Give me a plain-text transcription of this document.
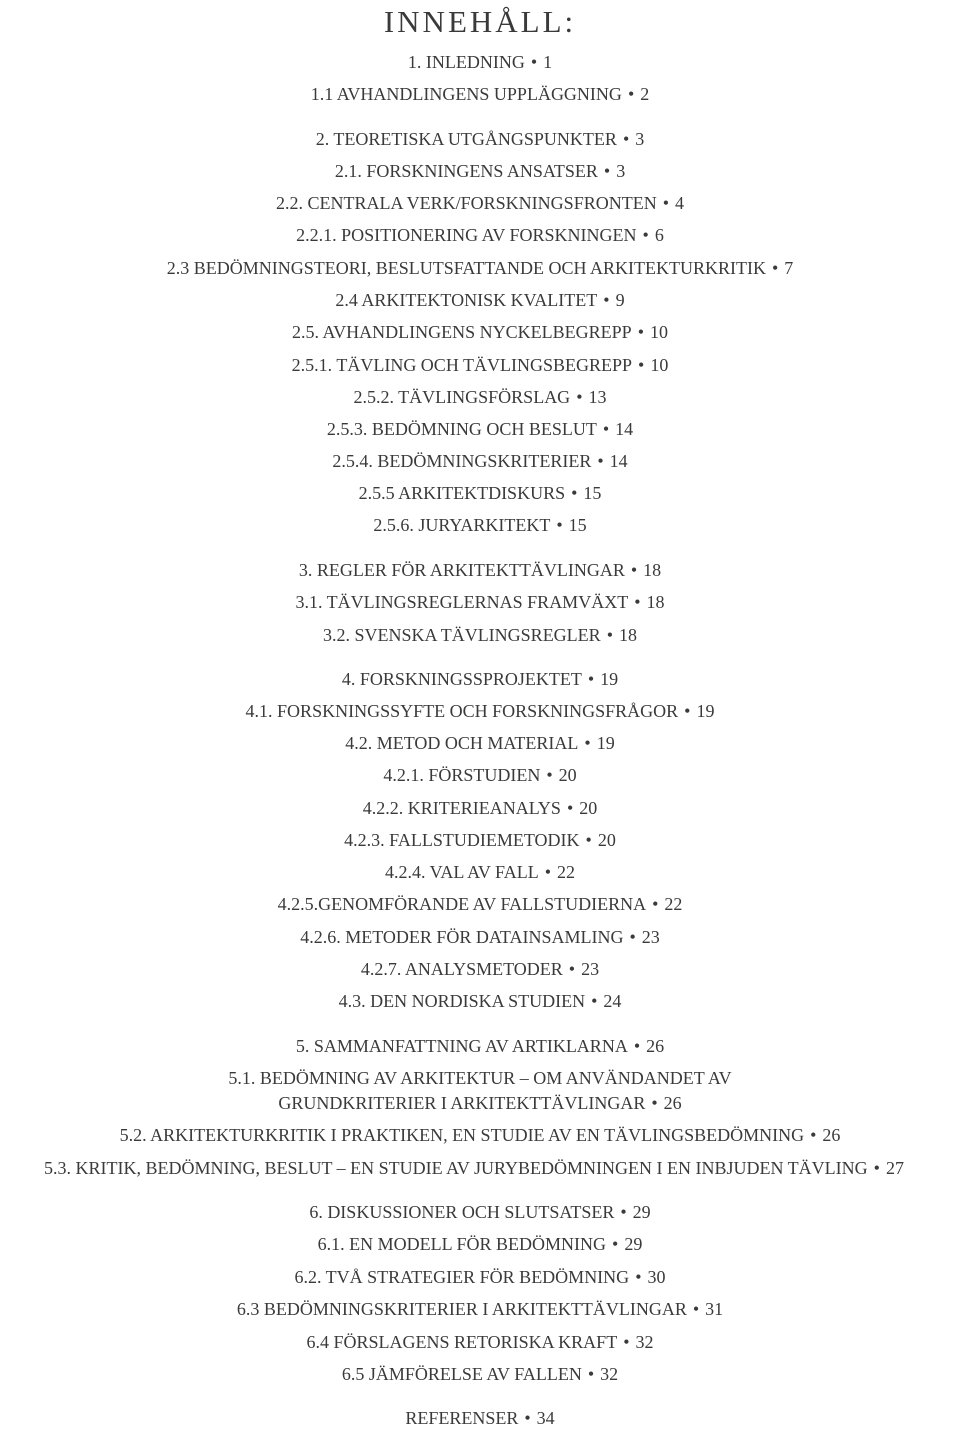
INNEHÅLL:
1. INLEDNING • 1
1.1 AVHANDLINGENS UPPLÄGGNING • 2
2. TEORETISKA UTGÅNGSPUNKTER • 3
2.1. FORSKNINGENS ANSATSER • 3
2.2. CENTRALA VERK/FORSKNINGSFRONTEN • 4
2.2.1. POSITIONERING AV FORSKNINGEN • 6
2.3 BEDÖMNINGSTEORI, BESLUTSFATTANDE OCH ARKITEKTURKRITIK • 7
2.4 ARKITEKTONISK KVALITET • 9
2.5. AVHANDLINGENS NYCKELBEGREPP • 10
2.5.1. TÄVLING OCH TÄVLINGSBEGREPP • 10
2.5.2. TÄVLINGSFÖRSLAG • 13
2.5.3. BEDÖMNING OCH BESLUT • 14
2.5.4. BEDÖMNINGSKRITERIER • 14
2.5.5 ARKITEKTDISKURS • 15
2.5.6. JURYARKITEKT • 15
3. REGLER FÖR ARKITEKTTÄVLINGAR • 18
3.1. TÄVLINGSREGLERNAS FRAMVÄXT • 18
3.2. SVENSKA TÄVLINGSREGLER • 18
4. FORSKNINGSSPROJEKTET • 19
4.1. FORSKNINGSSYFTE OCH FORSKNINGSFRÅGOR • 19
4.2. METOD OCH MATERIAL • 19
4.2.1. FÖRSTUDIEN • 20
4.2.2. KRITERIEANALYS • 20
4.2.3. FALLSTUDIEMETODIK • 20
4.2.4. VAL AV FALL • 22
4.2.5.GENOMFÖRANDE AV FALLSTUDIERNA • 22
4.2.6. METODER FÖR DATAINSAMLING • 23
4.2.7. ANALYSMETODER • 23
4.3. DEN NORDISKA STUDIEN • 24
5. SAMMANFATTNING AV ARTIKLARNA • 26
5.1. BEDÖMNING AV ARKITEKTUR – OM ANVÄNDANDET AV
GRUNDKRITERIER I ARKITEKTTÄVLINGAR • 26
5.2. ARKITEKTURKRITIK I PRAKTIKEN, EN STUDIE AV EN TÄVLINGSBEDÖMNING • 26
5.3. KRITIK, BEDÖMNING, BESLUT – EN STUDIE AV JURYBEDÖMNINGEN I EN INBJUDEN TÄVLING • 27
6. DISKUSSIONER OCH SLUTSATSER • 29
6.1. EN MODELL FÖR BEDÖMNING • 29
6.2. TVÅ STRATEGIER FÖR BEDÖMNING • 30
6.3 BEDÖMNINGSKRITERIER I ARKITEKTTÄVLINGAR • 31
6.4 FÖRSLAGENS RETORISKA KRAFT • 32
6.5 JÄMFÖRELSE AV FALLEN • 32
REFERENSER • 34
